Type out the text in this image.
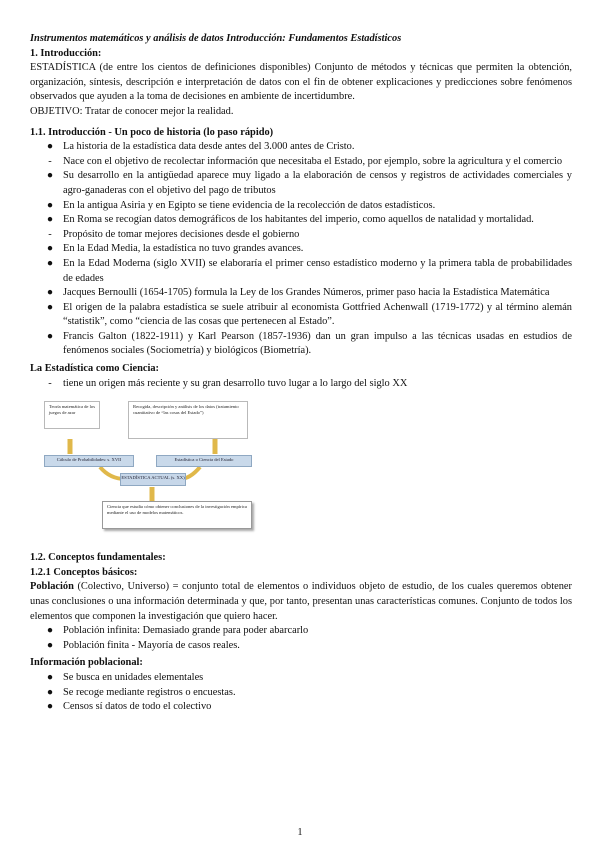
Instrumentos matemáticos y análisis de datos Introducción: Fundamentos Estadísticos
1. Introducción:

ESTADÍSTICA (de entre los cientos de definiciones disponibles) Conjunto de métodos y técnicas que permiten la obtención, organización, síntesis, descripción e interpretación de datos con el fin de obtener explicaciones y predicciones sobre fenómenos observados que ayuden a la toma de decisiones en ambiente de incertidumbre.

OBJETIVO: Tratar de conocer mejor la realidad.

1.1. Introducción - Un poco de historia (lo paso rápido)
● La historia de la estadística data desde antes del 3.000 antes de Cristo.
-	Nace con el objetivo de recolectar información que necesitaba el Estado, por ejemplo, sobre la agricultura y el comercio
● Su desarrollo en la antigüedad aparece muy ligado a la elaboración de censos y registros de actividades comerciales y agro-ganaderas con el objetivo del pago de tributos
● En la antigua Asiria y en Egipto se tiene evidencia de la recolección de datos estadísticos.
● En Roma se recogían datos demográficos de los habitantes del imperio, como aquellos de natalidad y mortalidad.
-	Propósito de tomar mejores decisiones desde el gobierno
● En la Edad Media, la estadística no tuvo grandes avances.
● En la Edad Moderna (siglo XVII) se elaboraría el primer censo estadístico moderno y la primera tabla de probabilidades de edades
● Jacques Bernoulli (1654-1705) formula la Ley de los Grandes Números, primer paso hacia la Estadística Matemática
● El origen de la palabra estadística se suele atribuir al economista Gottfried Achenwall (1719-1772) y al término alemán “statistik”, como “ciencia de las cosas que pertenecen al Estado”.
● Francis Galton (1822-1911) y Karl Pearson (1857-1936) dan un gran impulso a las técnicas usadas en estudios de fenómenos sociales (Sociometría) y biológicos (Biometría).
La Estadística como Ciencia:
-	tiene un origen más reciente y su gran desarrollo tuvo lugar a lo largo del siglo XX
Teoría matemática de los juegos de azar
Recogida, descripción y análisis de los datos (tratamiento cuantitativo de “las cosas del Estado”)
Cálculo de Probabilidades: s. XVII	Estadística o Ciencia del Estado
ESTADÍSTICA ACTUAL (s. XX)
Ciencia que estudia cómo obtener conclusiones de la investigación empírica mediante el uso de modelos matemáticos.
1.2. Conceptos fundamentales:
1.2.1 Conceptos básicos:

Población (Colectivo, Universo) = conjunto total de elementos o individuos objeto de estudio, de los cuales queremos obtener unas conclusiones o una información determinada y que, por tanto, presentan unas características comunes. Conjunto de todos los elementos que componen la investigación que quiero hacer.

● Población infinita: Demasiado grande para poder abarcarlo
● Población finita - Mayoría de casos reales.
Información poblacional:
● Se busca en unidades elementales
● Se recoge mediante registros o encuestas.
● Censos sí datos de todo el colectivo
1
